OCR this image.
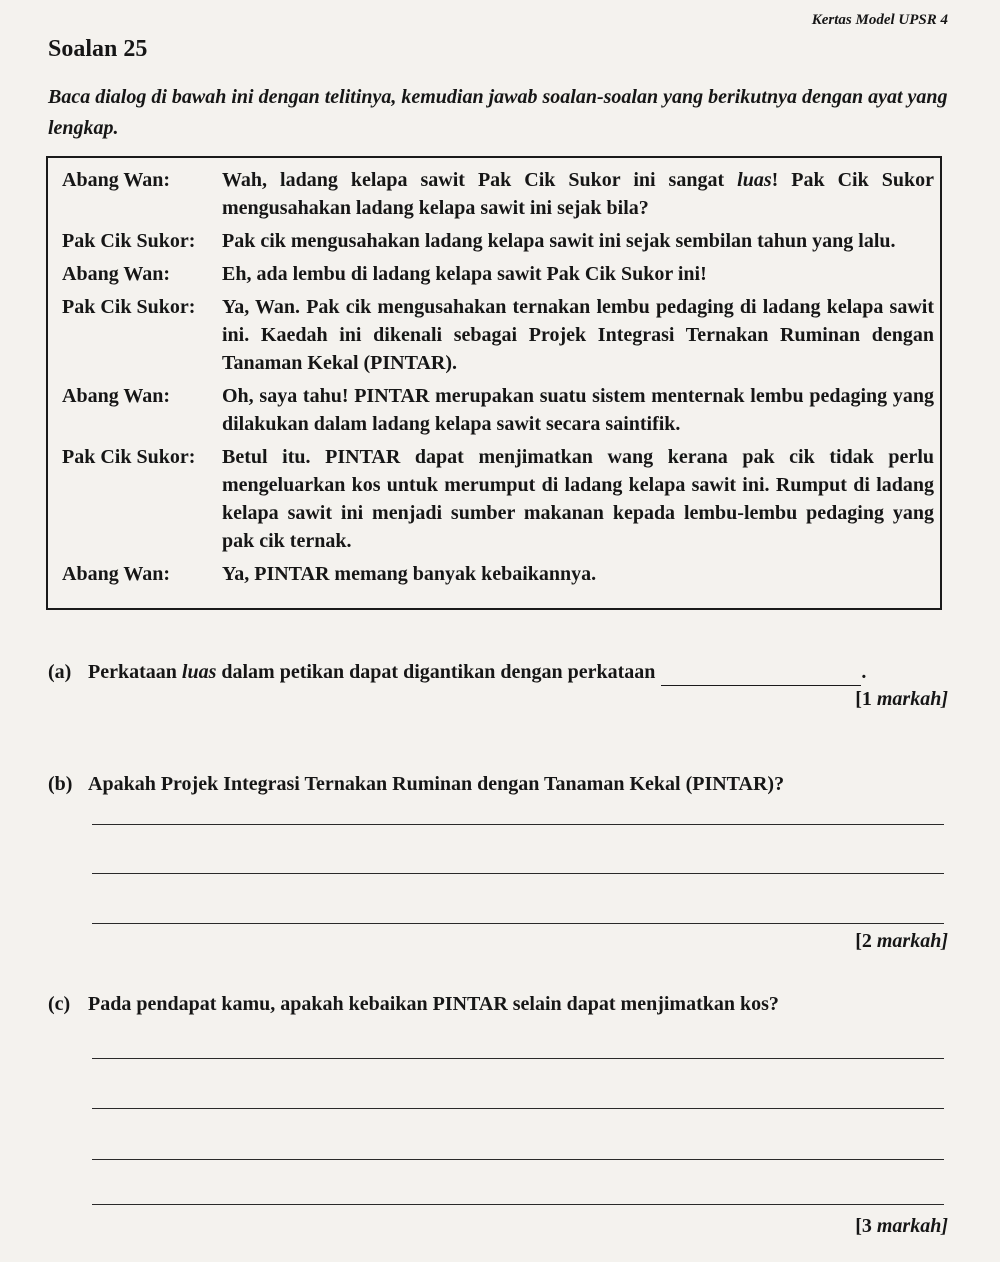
Kertas Model UPSR 4
Soalan 25
Baca dialog di bawah ini dengan telitinya, kemudian jawab soalan-soalan yang berikutnya dengan ayat yang lengkap.
Abang Wan:	Wah, ladang kelapa sawit Pak Cik Sukor ini sangat luas! Pak Cik Sukor mengusahakan ladang kelapa sawit ini sejak bila?
Pak Cik Sukor:	Pak cik mengusahakan ladang kelapa sawit ini sejak sembilan tahun yang lalu.
Abang Wan:	Eh, ada lembu di ladang kelapa sawit Pak Cik Sukor ini!
Pak Cik Sukor:	Ya, Wan. Pak cik mengusahakan ternakan lembu pedaging di ladang kelapa sawit ini. Kaedah ini dikenali sebagai Projek Integrasi Ternakan Ruminan dengan Tanaman Kekal (PINTAR).
Abang Wan:	Oh, saya tahu! PINTAR merupakan suatu sistem menternak lembu pedaging yang dilakukan dalam ladang kelapa sawit secara saintifik.
Pak Cik Sukor:	Betul itu. PINTAR dapat menjimatkan wang kerana pak cik tidak perlu mengeluarkan kos untuk merumput di ladang kelapa sawit ini. Rumput di ladang kelapa sawit ini menjadi sumber makanan kepada lembu-lembu pedaging yang pak cik ternak.
Abang Wan:	Ya, PINTAR memang banyak kebaikannya.
(a) Perkataan luas dalam petikan dapat digantikan dengan perkataan	.
[1 markah]
(b) Apakah Projek Integrasi Ternakan Ruminan dengan Tanaman Kekal (PINTAR)?
[2 markah]
(c) Pada pendapat kamu, apakah kebaikan PINTAR selain dapat menjimatkan kos?
[3 markah]
